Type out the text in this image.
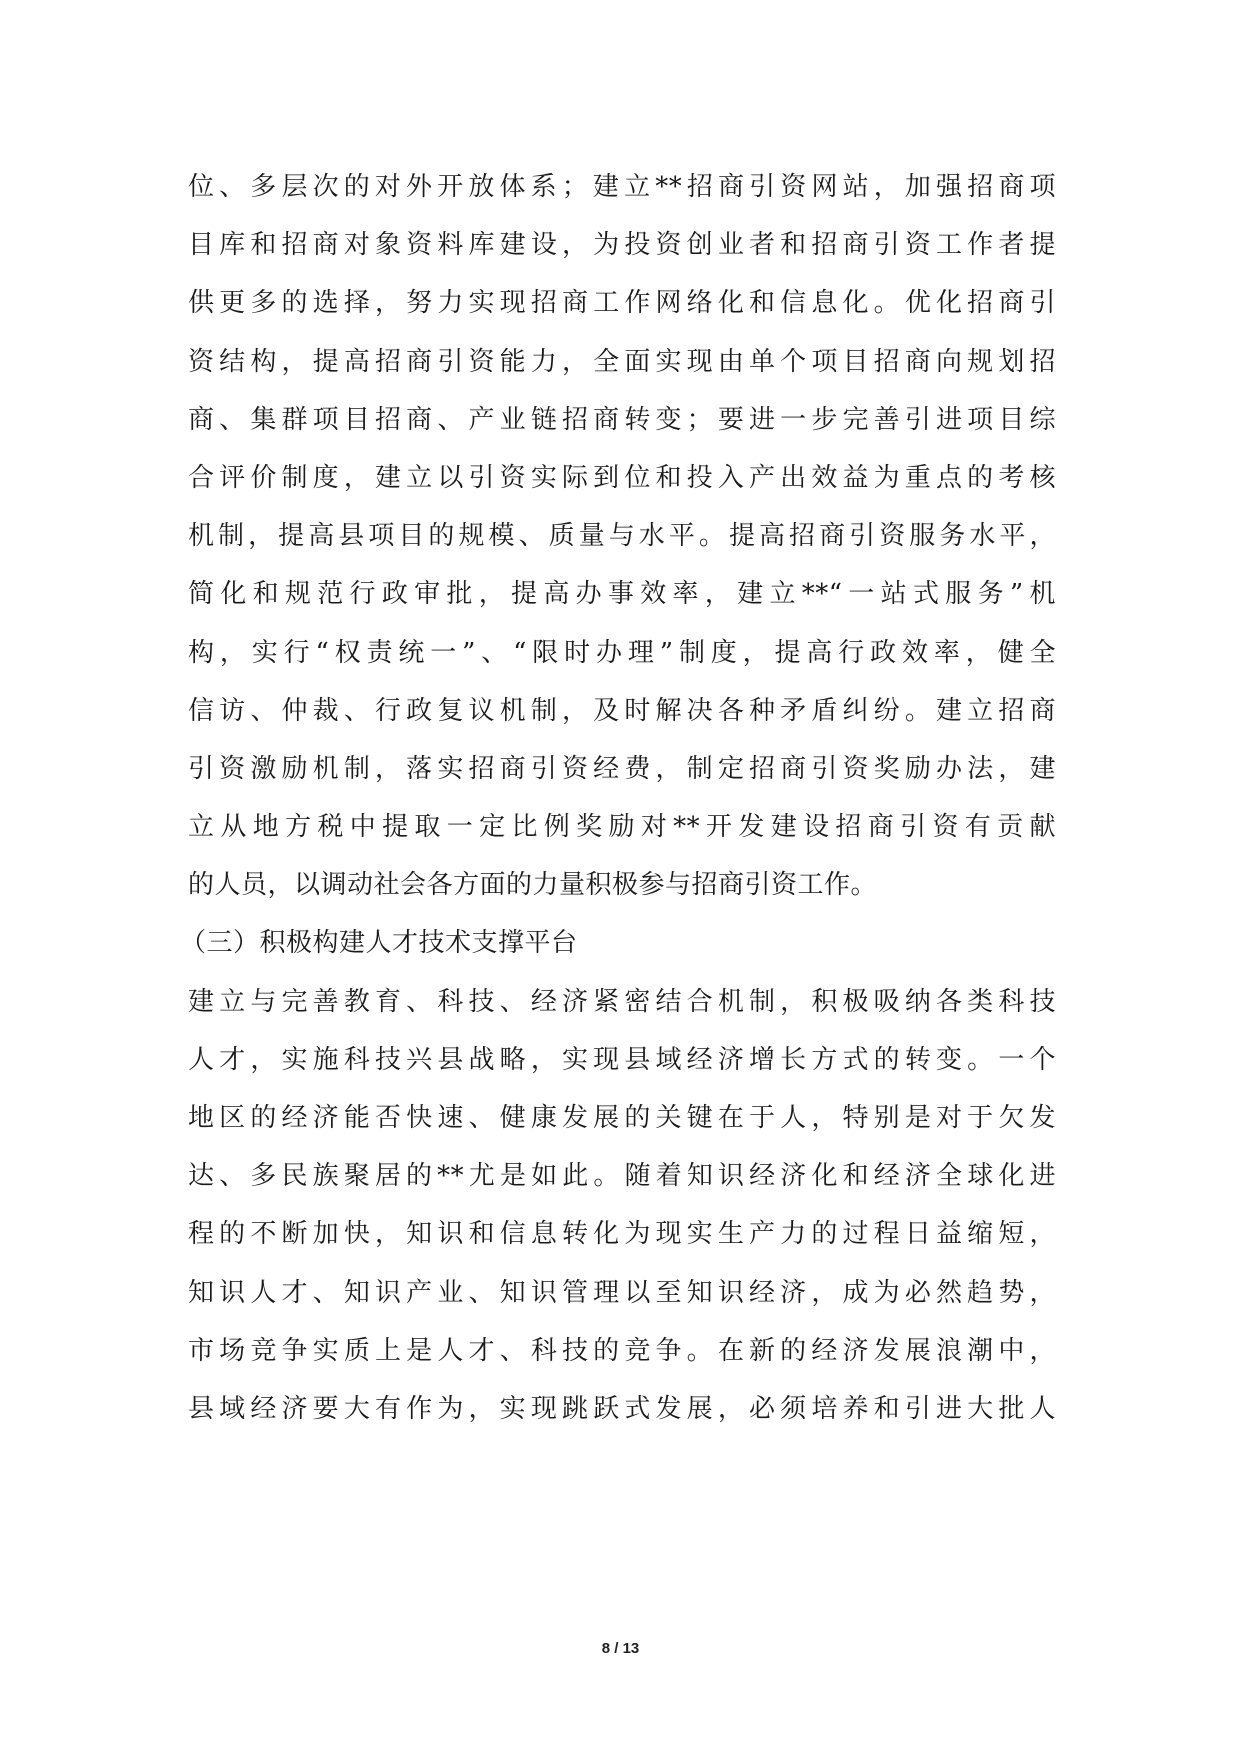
位、多层次的对外开放体系；建立**招商引资网站，加强招商项
目库和招商对象资料库建设，为投资创业者和招商引资工作者提
供更多的选择，努力实现招商工作网络化和信息化。优化招商引
资结构，提高招商引资能力，全面实现由单个项目招商向规划招
商、集群项目招商、产业链招商转变；要进一步完善引进项目综
合评价制度，建立以引资实际到位和投入产出效益为重点的考核
机制，提高县项目的规模、质量与水平。提高招商引资服务水平，
简化和规范行政审批，提高办事效率，建立**“一站式服务”机
构，实行“权责统一”、“限时办理”制度，提高行政效率，健全
信访、仲裁、行政复议机制，及时解决各种矛盾纠纷。建立招商
引资激励机制，落实招商引资经费，制定招商引资奖励办法，建
立从地方税中提取一定比例奖励对**开发建设招商引资有贡献
的人员，以调动社会各方面的力量积极参与招商引资工作。
（三）积极构建人才技术支撑平台
建立与完善教育、科技、经济紧密结合机制，积极吸纳各类科技
人才，实施科技兴县战略，实现县域经济增长方式的转变。一个
地区的经济能否快速、健康发展的关键在于人，特别是对于欠发
达、多民族聚居的**尤是如此。随着知识经济化和经济全球化进
程的不断加快，知识和信息转化为现实生产力的过程日益缩短，
知识人才、知识产业、知识管理以至知识经济，成为必然趋势，
市场竞争实质上是人才、科技的竞争。在新的经济发展浪潮中，
县域经济要大有作为，实现跳跃式发展，必须培养和引进大批人
8 / 13
